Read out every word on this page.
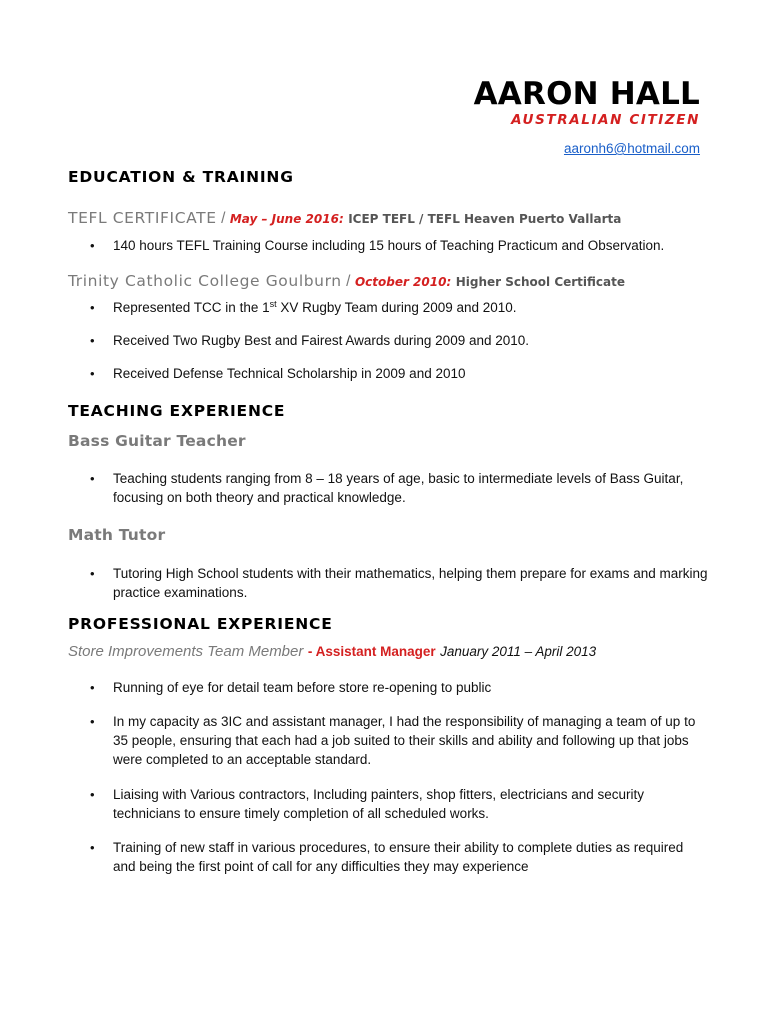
AARON HALL
AUSTRALIAN CITIZEN
aaronh6@hotmail.com
EDUCATION & TRAINING
TEFL CERTIFICATE / May – June 2016: ICEP TEFL / TEFL Heaven Puerto Vallarta
• 140 hours TEFL Training Course including 15 hours of Teaching Practicum and Observation.
Trinity Catholic College Goulburn / October 2010: Higher School Certificate
• Represented TCC in the 1st XV Rugby Team during 2009 and 2010.
• Received Two Rugby Best and Fairest Awards during 2009 and 2010.
• Received Defense Technical Scholarship in 2009 and 2010
TEACHING EXPERIENCE
Bass Guitar Teacher
• Teaching students ranging from 8 – 18 years of age, basic to intermediate levels of Bass Guitar, focusing on both theory and practical knowledge.
Math Tutor
• Tutoring High School students with their mathematics, helping them prepare for exams and marking practice examinations.
PROFESSIONAL EXPERIENCE
Store Improvements Team Member - Assistant Manager January 2011 – April 2013
• Running of eye for detail team before store re-opening to public
• In my capacity as 3IC and assistant manager, I had the responsibility of managing a team of up to 35 people, ensuring that each had a job suited to their skills and ability and following up that jobs were completed to an acceptable standard.
• Liaising with Various contractors, Including painters, shop fitters, electricians and security technicians to ensure timely completion of all scheduled works.
• Training of new staff in various procedures, to ensure their ability to complete duties as required and being the first point of call for any difficulties they may experience
